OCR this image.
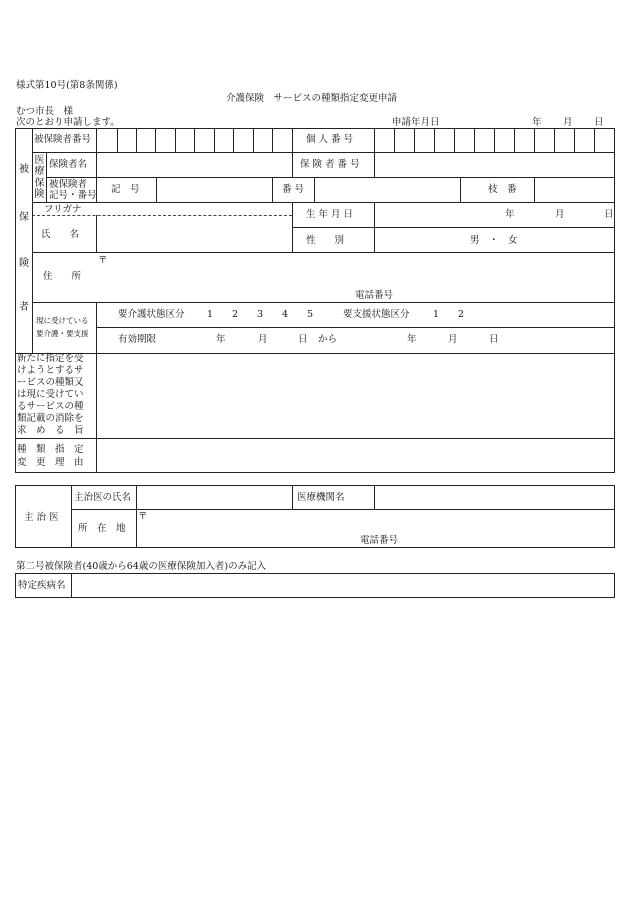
様式第10号(第8条関係)
介護保険　サービスの種類指定変更申請
むつ市長　様
次のとおり申請します。	申請年月日	年 月 日
被
保
険
者
医
療
保
険
被保険者番号	個 人 番 号
保険者名	保 険 者 番 号
被保険者
記号・番号
記　号	番 号	枝　番
フリガナ
氏　　名
生 年 月 日	年	月	日
性　　別	男　・　女
住　　所
〒
電話番号
現に受けている
要介護・要支援
要介護状態区分 1 2 3 4 5	要支援状態区分 1 2
有効期限	年	月	日 から	年	月	日
新たに指定を受
けようとするサ
ービスの種類又
は現に受けてい
るサービスの種
類記載の消除を
求　め　る　旨
種　類　指　定
変　更　理　由
主 治 医
主治医の氏名	医療機関名
所　在　地
〒
電話番号
第二号被保険者(40歳から64歳の医療保険加入者)のみ記入
特定疾病名
